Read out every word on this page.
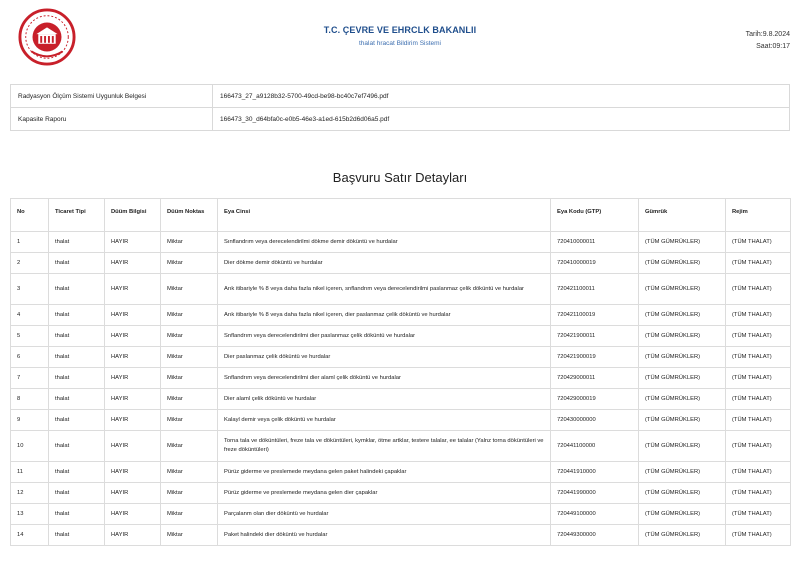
T.C. ÇEVRE VE EHRCLK BAKANLII
thalat hracat Bildirim Sistemi
Tarih:9.8.2024
Saat:09:17
Radyasyon Ölçüm Sistemi Uygunluk Belgesi	166473_27_a9128b32-5700-49cd-be98-bc40c7ef7496.pdf
Kapasite Raporu	166473_30_d64bfa0c-e0b5-46e3-a1ed-615b2d6d06a5.pdf
Başvuru Satır Detayları
No	Ticaret Tipi	Düüm Bilgisi	Düüm Noktas	Eya Cinsi	Eya Kodu (GTP)	Gümrük	Rejim
1	thalat	HAYIR	Miktar	Sınflandrım veya derecelendirilmi dökme demir döküntü ve hurdalar	720410000011	(TÜM GÜMRÜKLER)	(TÜM THALAT)
2	thalat	HAYIR	Miktar	Dier dökme demir döküntü ve hurdalar	720410000019	(TÜM GÜMRÜKLER)	(TÜM THALAT)
3	thalat	HAYIR	Miktar	Arık itibariyle % 8 veya daha fazla nikel içeren, snflandrım veya derecelendirilmi paslanmaz çelik döküntü ve hurdalar	720421100011	(TÜM GÜMRÜKLER)	(TÜM THALAT)
4	thalat	HAYIR	Miktar	Arık itibariyle % 8 veya daha fazla nikel içeren, dier paslanmaz çelik döküntü ve hurdalar	720421100019	(TÜM GÜMRÜKLER)	(TÜM THALAT)
5	thalat	HAYIR	Miktar	Snflandrım veya derecelendirilmi dier paslanmaz çelik döküntü ve hurdalar	720421900011	(TÜM GÜMRÜKLER)	(TÜM THALAT)
6	thalat	HAYIR	Miktar	Dier paslanmaz çelik döküntü ve hurdalar	720421900019	(TÜM GÜMRÜKLER)	(TÜM THALAT)
7	thalat	HAYIR	Miktar	Snflandrım veya derecelendirilmi dier alaml çelik döküntü ve hurdalar	720429000011	(TÜM GÜMRÜKLER)	(TÜM THALAT)
8	thalat	HAYIR	Miktar	Dier alaml çelik döküntü ve hurdalar	720429000019	(TÜM GÜMRÜKLER)	(TÜM THALAT)
9	thalat	HAYIR	Miktar	Kalayl demir veya çelik döküntü ve hurdalar	720430000000	(TÜM GÜMRÜKLER)	(TÜM THALAT)
10	thalat	HAYIR	Miktar	Torna tala ve döküntüleri, freze tala ve döküntüleri, kymklar, ötme artklar, testere talalar, ee talalar (Yalnz torna döküntüleri ve freze döküntüleri)	720441100000	(TÜM GÜMRÜKLER)	(TÜM THALAT)
11	thalat	HAYIR	Miktar	Pürüz giderme ve preslemede meydana gelen paket halindeki çapaklar	720441910000	(TÜM GÜMRÜKLER)	(TÜM THALAT)
12	thalat	HAYIR	Miktar	Pürüz giderme ve preslemede meydana gelen dier çapaklar	720441990000	(TÜM GÜMRÜKLER)	(TÜM THALAT)
13	thalat	HAYIR	Miktar	Parçalanm olan dier döküntü ve hurdalar	720449100000	(TÜM GÜMRÜKLER)	(TÜM THALAT)
14	thalat	HAYIR	Miktar	Paket halindeki dier döküntü ve hurdalar	720449300000	(TÜM GÜMRÜKLER)	(TÜM THALAT)
